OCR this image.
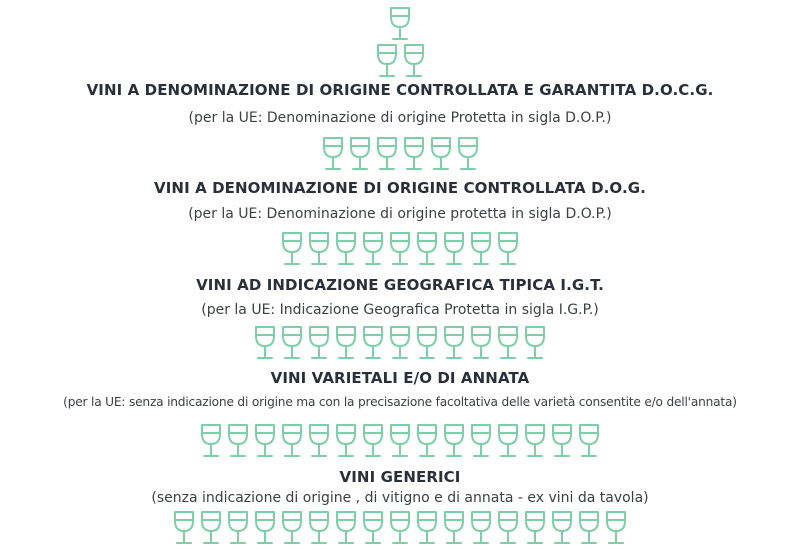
VINI A DENOMINAZIONE DI ORIGINE CONTROLLATA E GARANTITA D.O.C.G.
(per la UE: Denominazione di origine Protetta in sigla D.O.P.)
VINI A DENOMINAZIONE DI ORIGINE CONTROLLATA D.O.G.
(per la UE: Denominazione di origine protetta in sigla D.O.P.)
VINI AD INDICAZIONE GEOGRAFICA TIPICA I.G.T.
(per la UE: Indicazione Geografica Protetta in sigla I.G.P.)
VINI VARIETALI E/O DI ANNATA
(per la UE: senza indicazione di origine ma con la precisazione facoltativa delle varietà consentite e/o dell'annata)
VINI GENERICI
(senza indicazione di origine , di vitigno e di annata - ex vini da tavola)
